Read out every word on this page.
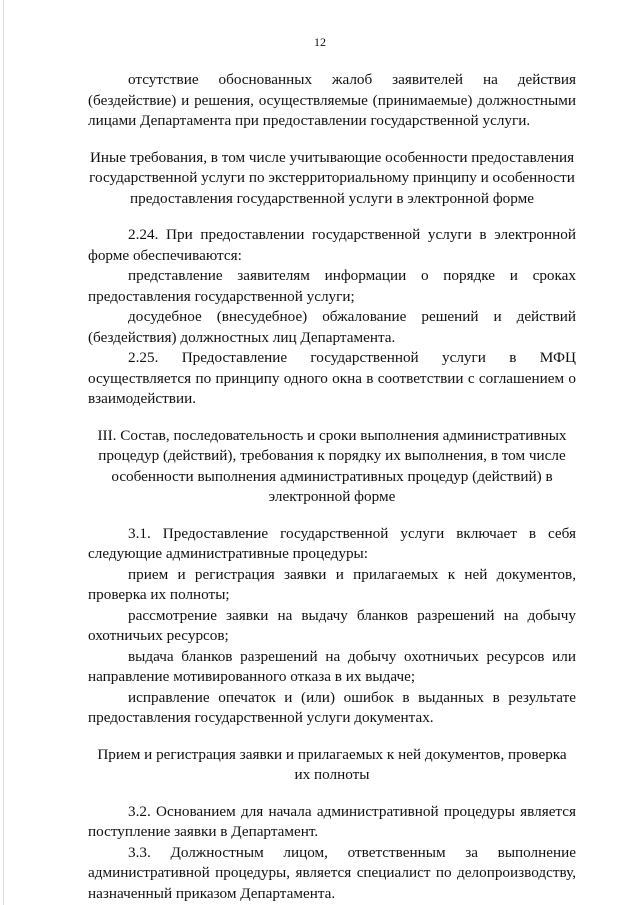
12

отсутствие обоснованных жалоб заявителей на действия (бездействие) и решения, осуществляемые (принимаемые) должностными лицами Департамента при предоставлении государственной услуги.

Иные требования, в том числе учитывающие особенности предоставления государственной услуги по экстерриториальному принципу и особенности предоставления государственной услуги в электронной форме

2.24. При предоставлении государственной услуги в электронной форме обеспечиваются:

представление заявителям информации о порядке и сроках предоставления государственной услуги;

досудебное (внесудебное) обжалование решений и действий (бездействия) должностных лиц Департамента.

2.25. Предоставление государственной услуги в МФЦ осуществляется по принципу одного окна в соответствии с соглашением о взаимодействии.

III. Состав, последовательность и сроки выполнения административных процедур (действий), требования к порядку их выполнения, в том числе особенности выполнения административных процедур (действий) в электронной форме

3.1. Предоставление государственной услуги включает в себя следующие административные процедуры:

прием и регистрация заявки и прилагаемых к ней документов, проверка их полноты;

рассмотрение заявки на выдачу бланков разрешений на добычу охотничьих ресурсов;

выдача бланков разрешений на добычу охотничьих ресурсов или направление мотивированного отказа в их выдаче;

исправление опечаток и (или) ошибок в выданных в результате предоставления государственной услуги документах.

Прием и регистрация заявки и прилагаемых к ней документов, проверка их полноты

3.2. Основанием для начала административной процедуры является поступление заявки в Департамент.

3.3. Должностным лицом, ответственным за выполнение административной процедуры, является специалист по делопроизводству, назначенный приказом Департамента.
